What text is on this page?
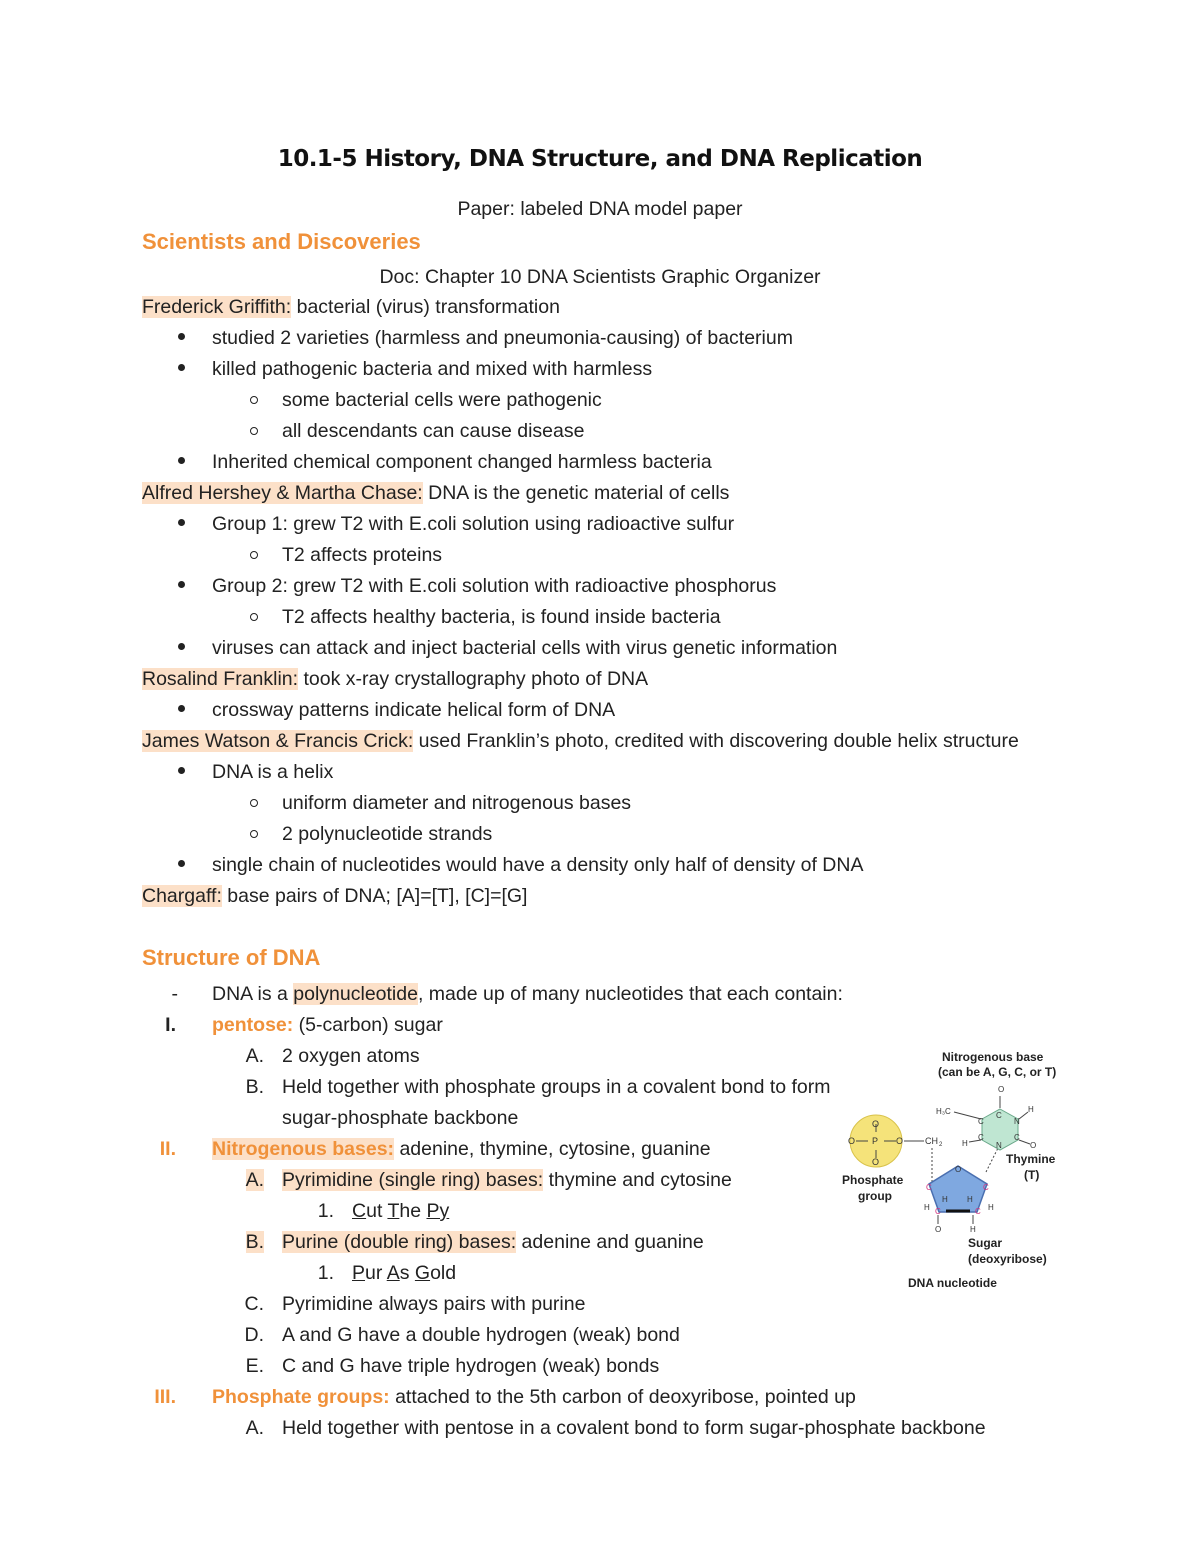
10.1-5 History, DNA Structure, and DNA Replication
Paper: labeled DNA model paper
Scientists and Discoveries
Doc: Chapter 10 DNA Scientists Graphic Organizer
Frederick Griffith: bacterial (virus) transformation
studied 2 varieties (harmless and pneumonia-causing) of bacterium
killed pathogenic bacteria and mixed with harmless
some bacterial cells were pathogenic
all descendants can cause disease
Inherited chemical component changed harmless bacteria
Alfred Hershey & Martha Chase: DNA is the genetic material of cells
Group 1: grew T2 with E.coli solution using radioactive sulfur
T2 affects proteins
Group 2: grew T2 with E.coli solution with radioactive phosphorus
T2 affects healthy bacteria, is found inside bacteria
viruses can attack and inject bacterial cells with virus genetic information
Rosalind Franklin: took x-ray crystallography photo of DNA
crossway patterns indicate helical form of DNA
James Watson & Francis Crick: used Franklin’s photo, credited with discovering double helix structure
DNA is a helix
uniform diameter and nitrogenous bases
2 polynucleotide strands
single chain of nucleotides would have a density only half of density of DNA
Chargaff: base pairs of DNA; [A]=[T], [C]=[G]
Structure of DNA
- DNA is a polynucleotide, made up of many nucleotides that each contain:
I. pentose: (5-carbon) sugar
A. 2 oxygen atoms
B. Held together with phosphate groups in a covalent bond to form
sugar-phosphate backbone
II. Nitrogenous bases: adenine, thymine, cytosine, guanine
A. Pyrimidine (single ring) bases: thymine and cytosine
1. Cut The Py
B. Purine (double ring) bases: adenine and guanine
1. Pur As Gold
C. Pyrimidine always pairs with purine
D. A and G have a double hydrogen (weak) bond
E. C and G have triple hydrogen (weak) bonds
III. Phosphate groups: attached to the 5th carbon of deoxyribose, pointed up
A. Held together with pentose in a covalent bond to form sugar-phosphate backbone
Nitrogenous base
(can be A, G, C, or T)
Thymine
(T)
Phosphate
group
Sugar
(deoxyribose)
DNA nucleotide
O
O
O P O CH 2
C
N
C
N
C
C
O
H₃C	H
O
H
O
C	C
C	C
H H
H	H
O	H
